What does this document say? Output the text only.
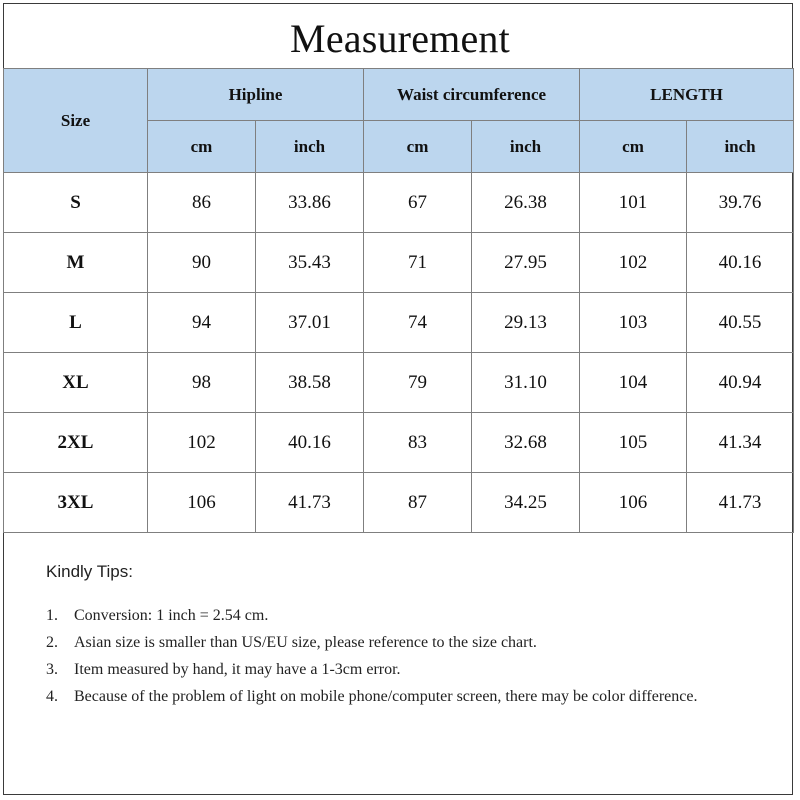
Measurement
Size	Hipline		Waist circumference		LENGTH	
	cm	inch	cm	inch	cm	inch
S	86	33.86	67	26.38	101	39.76
M	90	35.43	71	27.95	102	40.16
L	94	37.01	74	29.13	103	40.55
XL	98	38.58	79	31.10	104	40.94
2XL	102	40.16	83	32.68	105	41.34
3XL	106	41.73	87	34.25	106	41.73
Kindly Tips:
1. Conversion: 1 inch = 2.54 cm.
2. Asian size is smaller than US/EU size, please reference to the size chart.
3. Item measured by hand, it may have a 1-3cm error.
4. Because of the problem of light on mobile phone/computer screen, there may be color difference.
